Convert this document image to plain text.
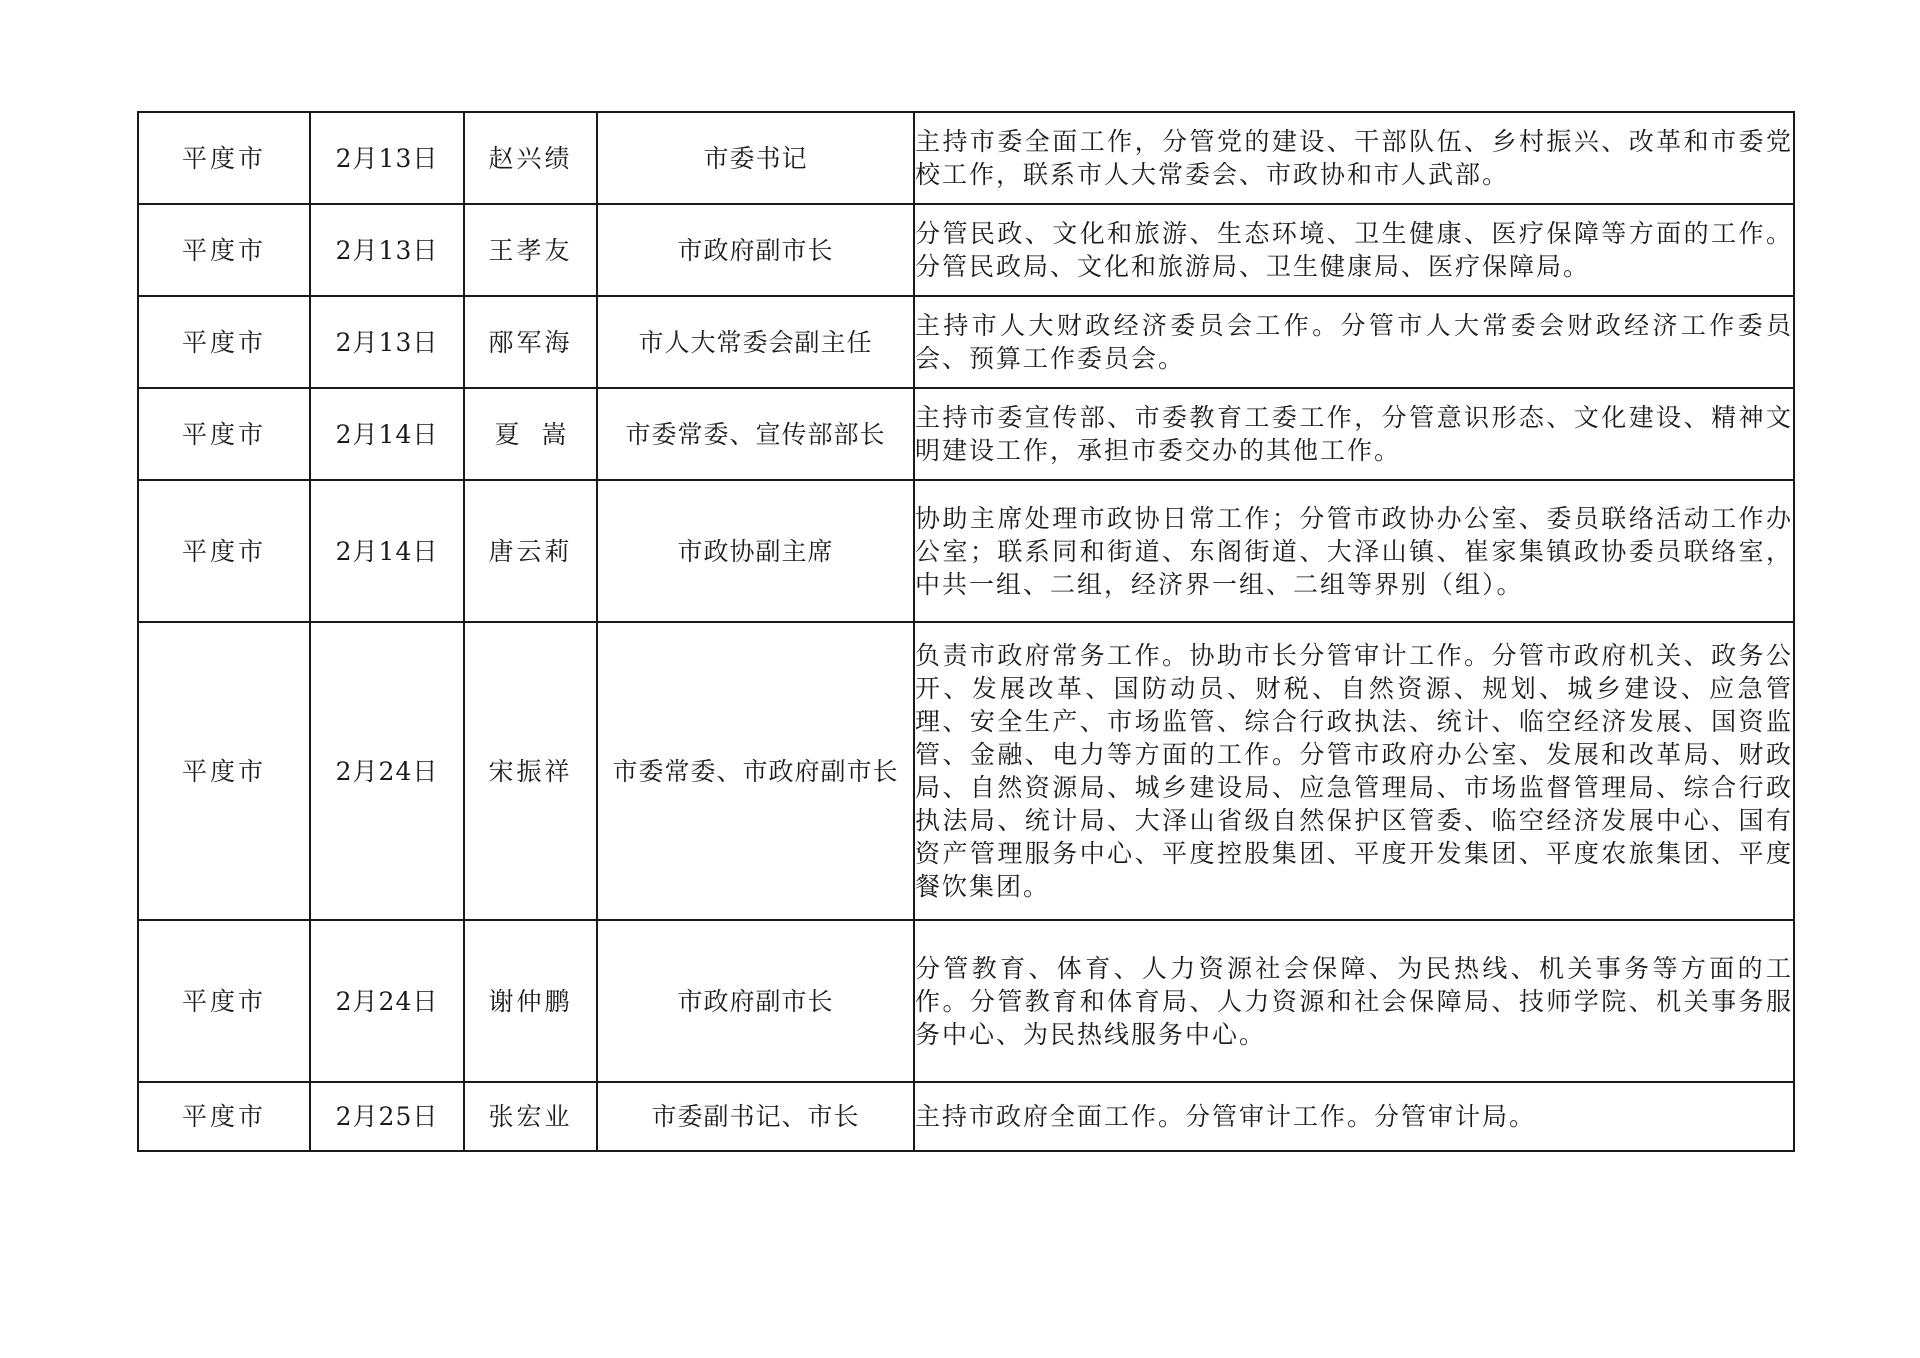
平度市	2月13日	赵兴绩	市委书记	主持市委全面工作，分管党的建设、干部队伍、乡村振兴、改革和市委党校工作，联系市人大常委会、市政协和市人武部。
平度市	2月13日	王孝友	市政府副市长	分管民政、文化和旅游、生态环境、卫生健康、医疗保障等方面的工作。分管民政局、文化和旅游局、卫生健康局、医疗保障局。
平度市	2月13日	邴军海	市人大常委会副主任	主持市人大财政经济委员会工作。分管市人大常委会财政经济工作委员会、预算工作委员会。
平度市	2月14日	夏嵩	市委常委、宣传部部长	主持市委宣传部、市委教育工委工作，分管意识形态、文化建设、精神文明建设工作，承担市委交办的其他工作。
平度市	2月14日	唐云莉	市政协副主席	协助主席处理市政协日常工作；分管市政协办公室、委员联络活动工作办公室；联系同和街道、东阁街道、大泽山镇、崔家集镇政协委员联络室，中共一组、二组，经济界一组、二组等界别（组）。
平度市	2月24日	宋振祥	市委常委、市政府副市长	负责市政府常务工作。协助市长分管审计工作。分管市政府机关、政务公开、发展改革、国防动员、财税、自然资源、规划、城乡建设、应急管理、安全生产、市场监管、综合行政执法、统计、临空经济发展、国资监管、金融、电力等方面的工作。分管市政府办公室、发展和改革局、财政局、自然资源局、城乡建设局、应急管理局、市场监督管理局、综合行政执法局、统计局、大泽山省级自然保护区管委、临空经济发展中心、国有资产管理服务中心、平度控股集团、平度开发集团、平度农旅集团、平度餐饮集团。
平度市	2月24日	谢仲鹏	市政府副市长	分管教育、体育、人力资源社会保障、为民热线、机关事务等方面的工作。分管教育和体育局、人力资源和社会保障局、技师学院、机关事务服务中心、为民热线服务中心。
平度市	2月25日	张宏业	市委副书记、市长	主持市政府全面工作。分管审计工作。分管审计局。
